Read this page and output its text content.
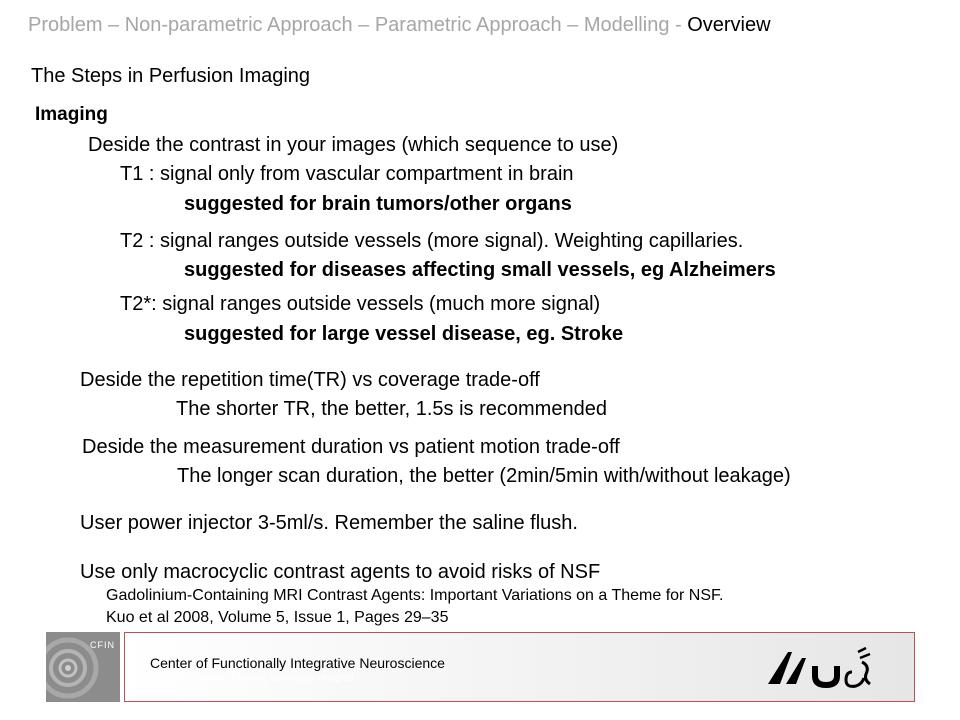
Problem – Non-parametric Approach – Parametric Approach – Modelling - Overview
The Steps in Perfusion Imaging
Imaging
Deside the contrast in your images (which sequence to use)
T1 : signal only from vascular compartment in brain
suggested for brain tumors/other organs
T2 : signal ranges outside vessels (more signal). Weighting capillaries.
suggested for diseases affecting small vessels, eg Alzheimers
T2*: signal ranges outside vessels (much more signal)
suggested for large vessel disease, eg. Stroke
Deside the repetition time(TR) vs coverage trade-off
The shorter TR, the better, 1.5s is recommended
Deside the measurement duration vs patient motion trade-off
The longer scan duration, the better (2min/5min with/without leakage)
User power injector 3-5ml/s. Remember the saline flush.
Use only macrocyclic contrast agents to avoid risks of NSF
Gadolinium-Containing MRI Contrast Agents: Important Variations on a Theme for NSF.
Kuo et al 2008, Volume 5, Issue 1, Pages 29–35
CFIN
Center of Functionally Integrative Neuroscience
Aarhus University / Aarhus University Hospital
